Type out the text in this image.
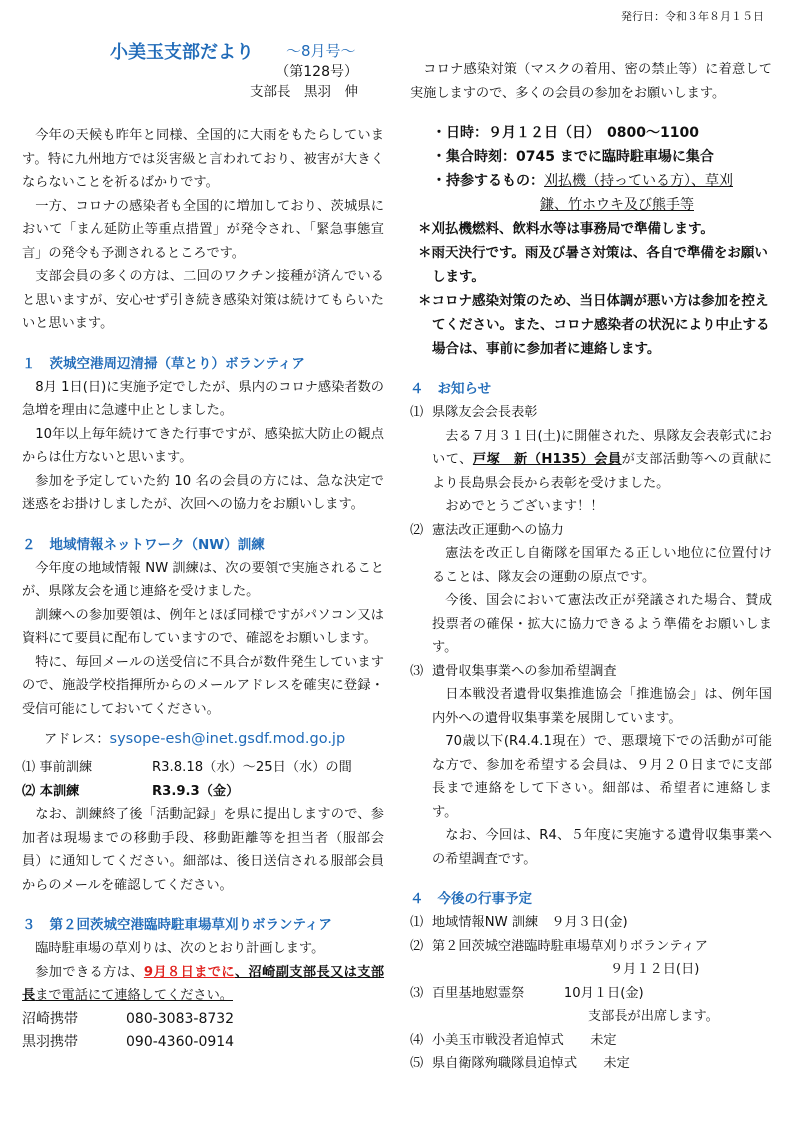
発行日：令和３年８月１５日
小美玉支部だより ～8月号～
（第128号）
支部長　黒羽　伸

今年の天候も昨年と同様、全国的に大雨をもたらしています。特に九州地方では災害級と言われており、被害が大きくならないことを祈るばかりです。

一方、コロナの感染者も全国的に増加しており、茨城県において「まん延防止等重点措置」が発令され、「緊急事態宣言」の発令も予測されるところです。

支部会員の多くの方は、二回のワクチン接種が済んでいると思いますが、安心せず引き続き感染対策は続けてもらいたいと思います。

１ 茨城空港周辺清掃（草とり）ボランティア

8月 1日(日)に実施予定でしたが、県内のコロナ感染者数の急増を理由に急遽中止としました。

10年以上毎年続けてきた行事ですが、感染拡大防止の観点からは仕方ないと思います。

参加を予定していた約 10 名の会員の方には、急な決定で迷惑をお掛けしましたが、次回への協力をお願いします。

２ 地域情報ネットワーク（NW）訓練

今年度の地域情報 NW 訓練は、次の要領で実施されることが、県隊友会を通じ連絡を受けました。

訓練への参加要領は、例年とほぼ同様ですがパソコン又は資料にて要員に配布していますので、確認をお願いします。

特に、毎回メールの送受信に不具合が数件発生していますので、施設学校指揮所からのメールアドレスを確実に登録・受信可能にしておいてください。

アドレス：sysope-esh@inet.gsdf.mod.go.jp
⑴ 事前訓練	R3.8.18（水）～25日（水）の間
⑵ 本訓練	R3.9.3（金）

なお、訓練終了後「活動記録」を県に提出しますので、参加者は現場までの移動手段、移動距離等を担当者（服部会員）に通知してください。細部は、後日送信される服部会員からのメールを確認してください。

３ 第２回茨城空港臨時駐車場草刈りボランティア

臨時駐車場の草刈りは、次のとおり計画します。

参加できる方は、9月８日までに、沼崎副支部長又は支部長まで電話にて連絡してください。

沼崎携帯	080-3083-8732
黒羽携帯	090-4360-0914

コロナ感染対策（マスクの着用、密の禁止等）に着意して実施しますので、多くの会員の参加をお願いします。

・日時：９月１２日（日）　0800～1100
・集合時刻：0745 までに臨時駐車場に集合
・持参するもの：刈払機（持っている方）、草刈
鎌、竹ホウキ及び熊手等
＊刈払機燃料、飲料水等は事務局で準備します。
＊雨天決行です。雨及び暑さ対策は、各自で準備をお願いします。
＊コロナ感染対策のため、当日体調が悪い方は参加を控えてください。また、コロナ感染者の状況により中止する場合は、事前に参加者に連絡します。
４ お知らせ
⑴ 県隊友会会長表彰

去る７月３１日(土)に開催された、県隊友会表彰式において、戸塚　新（H135）会員が支部活動等への貢献により長島県会長から表彰を受けました。

おめでとうございます！！

⑵ 憲法改正運動への協力

憲法を改正し自衛隊を国軍たる正しい地位に位置付けることは、隊友会の運動の原点です。

今後、国会において憲法改正が発議された場合、賛成投票者の確保・拡大に協力できるよう準備をお願いします。

⑶ 遺骨収集事業への参加希望調査

日本戦没者遺骨収集推進協会「推進協会」は、例年国内外への遺骨収集事業を展開しています。

70歳以下(R4.4.1現在）で、悪環境下での活動が可能な方で、参加を希望する会員は、９月２０日までに支部長まで連絡をして下さい。細部は、希望者に連絡します。

なお、今回は、R4、５年度に実施する遺骨収集事業への希望調査です。

４ 今後の行事予定
⑴ 地域情報NW 訓練　９月３日(金)
⑵ 第２回茨城空港臨時駐車場草刈りボランティア
９月１２日(日)
⑶ 百里基地慰霊祭　　　10月１日(金)
支部長が出席します。
⑷ 小美玉市戦没者追悼式　　未定
⑸ 県自衛隊殉職隊員追悼式　　未定
